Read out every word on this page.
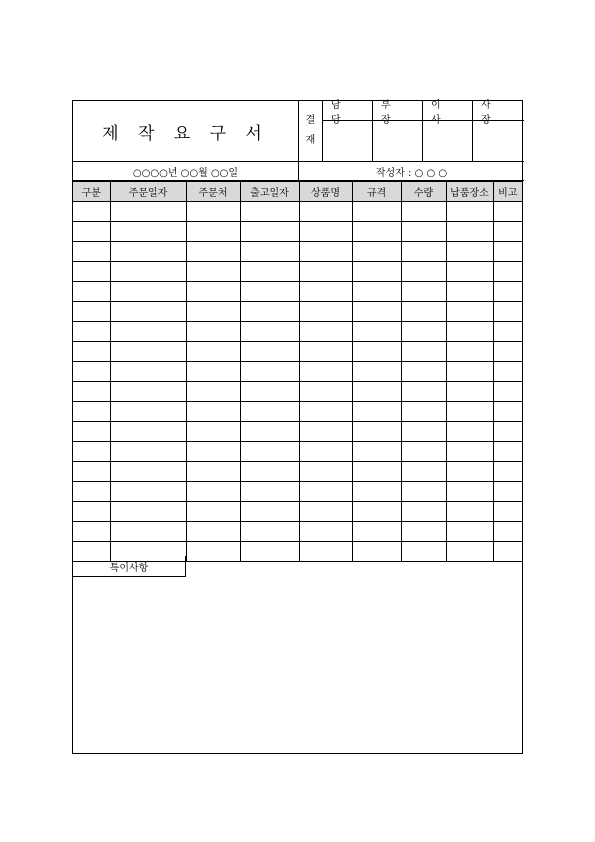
제 작 요 구 서
결
재
담 당
부 장
이 사
사 장
○○○○년 ○○월 ○○일	작성자 : ○ ○ ○
구분	주문일자	주문처	출고일자	상품명	규격	수량	납품장소	비고

특이사항
